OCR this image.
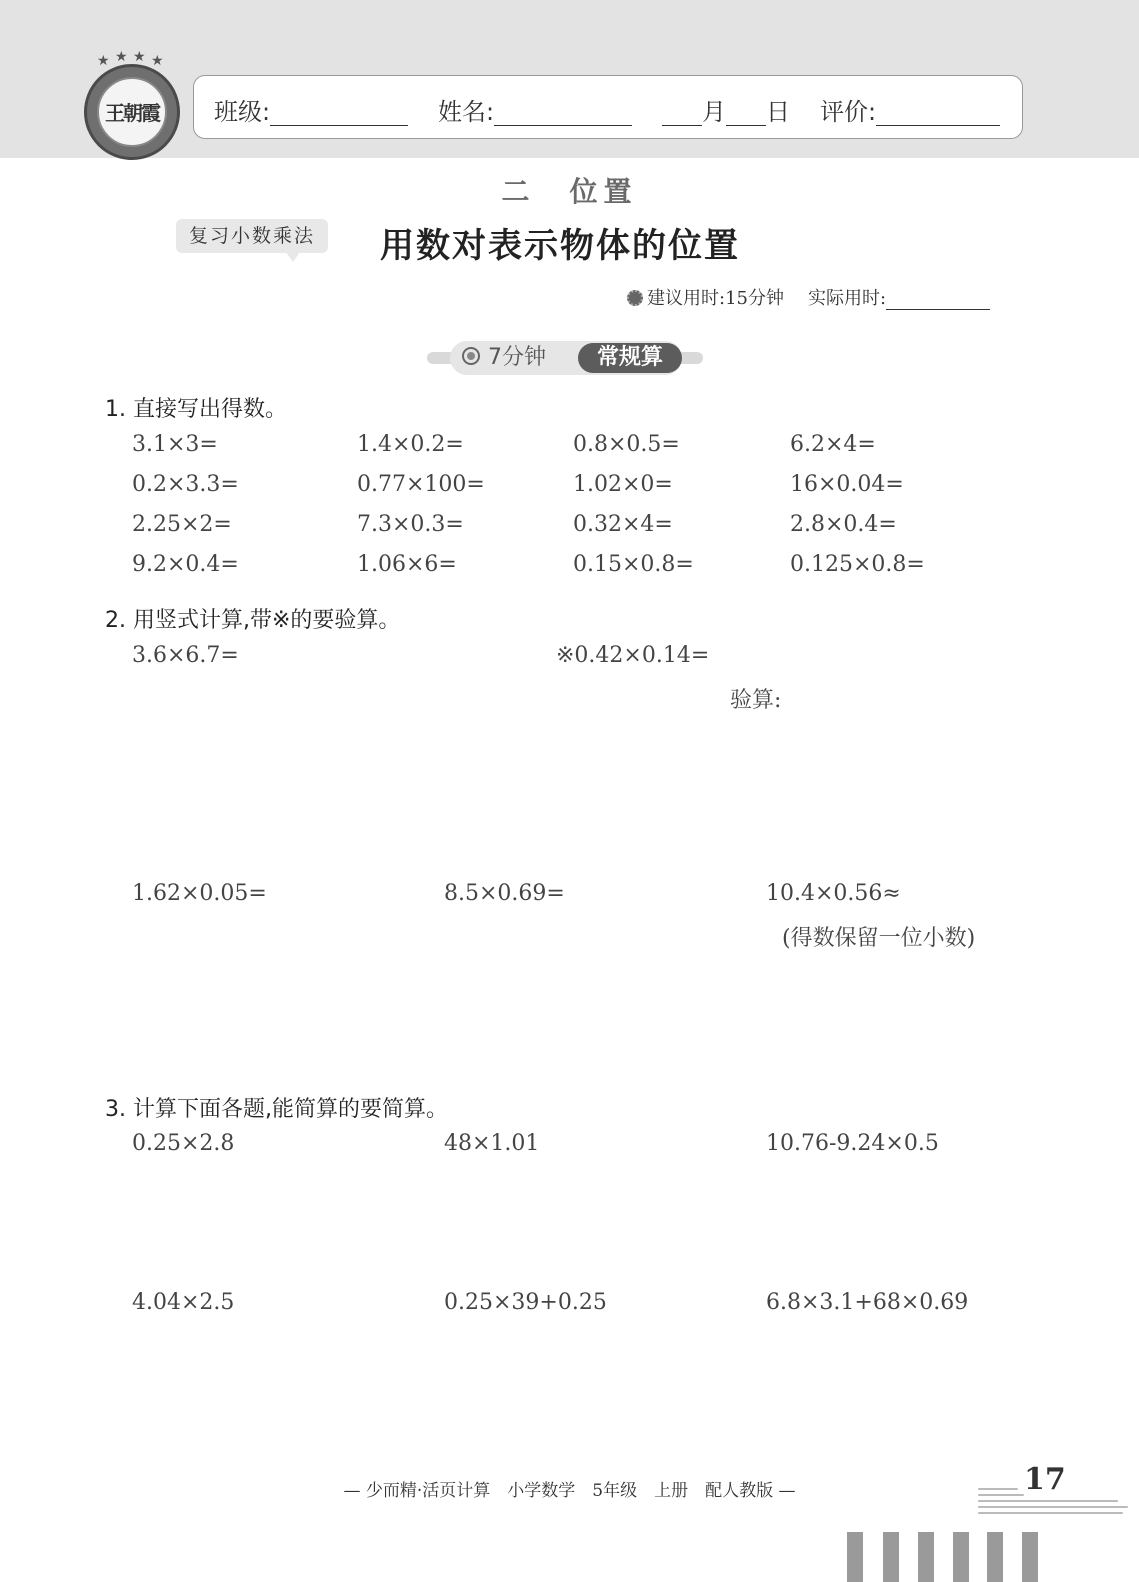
★ ★ ★ ★
王朝霞 班级:	姓名:	月 日 评价:
二　位置
复习小数乘法	用数对表示物体的位置
建议用时:15分钟 实际用时:
7分钟	常规算
1. 直接写出得数。
3.1×3=	1.4×0.2=	0.8×0.5=	6.2×4=
0.2×3.3=	0.77×100=	1.02×0=	16×0.04=
2.25×2=	7.3×0.3=	0.32×4=	2.8×0.4=
9.2×0.4=	1.06×6=	0.15×0.8=	0.125×0.8=
2. 用竖式计算,带※的要验算。
3.6×6.7=	※0.42×0.14=
验算:
1.62×0.05=	8.5×0.69=	10.4×0.56≈
(得数保留一位小数)
3. 计算下面各题,能简算的要简算。
0.25×2.8	48×1.01	10.76-9.24×0.5
4.04×2.5	0.25×39+0.25	6.8×3.1+68×0.69
— 少而精·活页计算　小学数学　5年级　上册　配人教版 —	17
